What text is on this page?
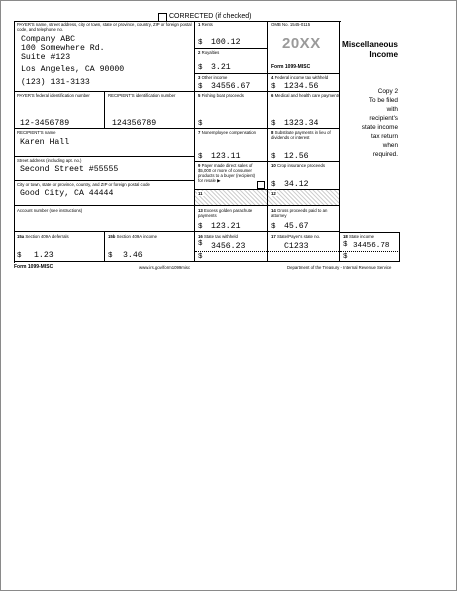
CORRECTED (if checked)
PAYER'S name, street address, city or town, state or province, country, ZIP or foreign postal code, and telephone no.
Company ABC
100 Somewhere Rd.
Suite #123
Los Angeles, CA 90000
(123) 131-3133
1 Rents
$ 100.12
2 Royalties
$ 3.21
OMB No. 1545-0115
20XX
Form 1099-MISC
Miscellaneous
Income
3 Other income
$ 34556.67
4 Federal income tax withheld
$ 1234.56
Copy 2
To be filed
with
recipient's
state income
tax return
when
required.
PAYER'S federal identification number
12-3456789
RECIPIENT'S identification number
124356789
5 Fishing boat proceeds
$
6 Medical and health care payments
$ 1323.34
RECIPIENT'S name
Karen Hall
Street address (including apt. no.)
Second Street #55555
City or town, state or province, country, and ZIP or foreign postal code
Good City, CA 44444
7 Nonemployee compensation
$ 123.11
8 Substitute payments in lieu of dividends or interest
$ 12.56
9 Payer made direct sales of $5,000 or more of consumer products to a buyer (recipient) for resale ▶
10 Crop insurance proceeds
$ 34.12
11	12
Account number (see instructions)	13 Excess golden parachute payments
$ 123.21
14 Gross proceeds paid to an attorney
$ 45.67
15a Section 409A deferrals
$ 1.23
15b Section 409A income
$ 3.46
16 State tax withheld
$ 3456.23
$
17 State/Payer's state no.
C1233
18 State income
$ 34456.78
$
Form 1099-MISC	www.irs.gov/form1099misc	Department of the Treasury - Internal Revenue Service
